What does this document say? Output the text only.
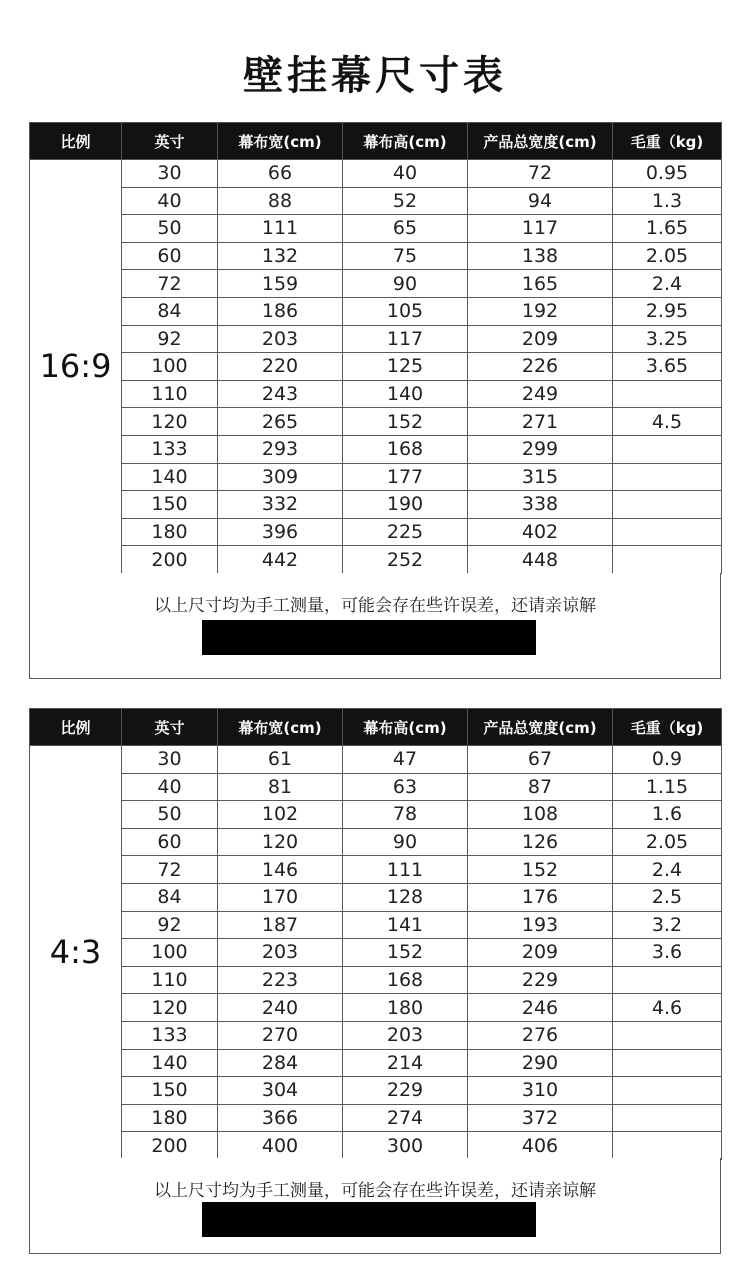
壁挂幕尺寸表
比例	英寸	幕布宽(cm)	幕布高(cm)	产品总宽度(cm)	毛重（kg)
16:9	30	66	40	72	0.95
	40	88	52	94	1.3
	50	111	65	117	1.65
	60	132	75	138	2.05
	72	159	90	165	2.4
	84	186	105	192	2.95
	92	203	117	209	3.25
	100	220	125	226	3.65
	110	243	140	249	
	120	265	152	271	4.5
	133	293	168	299	
	140	309	177	315	
	150	332	190	338	
	180	396	225	402	
	200	442	252	448	
以上尺寸均为手工测量，可能会存在些许误差，还请亲谅解
比例	英寸	幕布宽(cm)	幕布高(cm)	产品总宽度(cm)	毛重（kg)
4:3	30	61	47	67	0.9
	40	81	63	87	1.15
	50	102	78	108	1.6
	60	120	90	126	2.05
	72	146	111	152	2.4
	84	170	128	176	2.5
	92	187	141	193	3.2
	100	203	152	209	3.6
	110	223	168	229	
	120	240	180	246	4.6
	133	270	203	276	
	140	284	214	290	
	150	304	229	310	
	180	366	274	372	
	200	400	300	406	
以上尺寸均为手工测量，可能会存在些许误差，还请亲谅解
